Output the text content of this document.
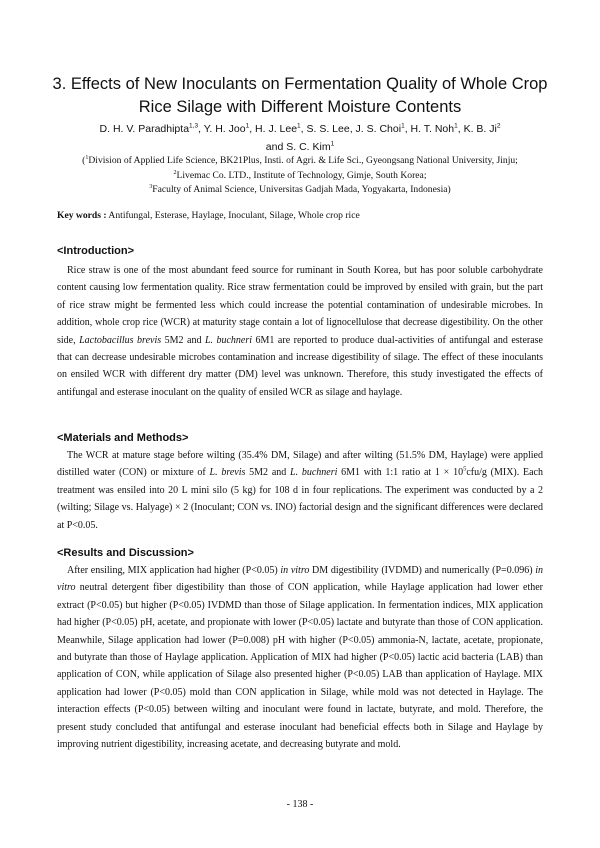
3. Effects of New Inoculants on Fermentation Quality of Whole Crop
Rice Silage with Different Moisture Contents
D. H. V. Paradhipta$^{1,3}$, Y. H. Joo$^1$, H. J. Lee$^1$, S. S. Lee, J. S. Choi$^1$, H. T. Noh$^1$, K. B. Ji$^2$
and S. C. Kim$^1$
($^1$Division of Applied Life Science, BK21Plus, Insti. of Agri. & Life Sci., Gyeongsang National University, Jinju;
$^2$Livemac Co. LTD., Institute of Technology, Gimje, South Korea;
$^3$Faculty of Animal Science, Universitas Gadjah Mada, Yogyakarta, Indonesia)
Key words : Antifungal, Esterase, Haylage, Inoculant, Silage, Whole crop rice
<Introduction>
Rice straw is one of the most abundant feed source for ruminant in South Korea, but has poor soluble carbohydrate content causing low fermentation quality. Rice straw fermentation could be improved by ensiled with grain, but the part of rice straw might be fermented less which could increase the potential contamination of undesirable microbes. In addition, whole crop rice (WCR) at maturity stage contain a lot of lignocellulose that decrease digestibility. On the other side, Lactobacillus brevis 5M2 and L. buchneri 6M1 are reported to produce dual-activities of antifungal and esterase that can decrease undesirable microbes contamination and increase digestibility of silage. The effect of these inoculants on ensiled WCR with different dry matter (DM) level was unknown. Therefore, this study investigated the effects of antifungal and esterase inoculant on the quality of ensiled WCR as silage and haylage.
<Materials and Methods>
The WCR at mature stage before wilting (35.4% DM, Silage) and after wilting (51.5% DM, Haylage) were applied distilled water (CON) or mixture of L. brevis 5M2 and L. buchneri 6M1 with 1:1 ratio at $1 \times 10^5cfu/g$ (MIX). Each treatment was ensiled into 20 L mini silo (5 kg) for 108 d in four replications. The experiment was conducted by a 2 (wilting; Silage vs. Halyage) × 2 (Inoculant; CON vs. INO) factorial design and the significant differences were declared at P<0.05.
<Results and Discussion>
After ensiling, MIX application had higher (P<0.05) in vitro DM digestibility (IVDMD) and numerically (P=0.096) in vitro neutral detergent fiber digestibility than those of CON application, while Haylage application had lower ether extract (P<0.05) but higher (P<0.05) IVDMD than those of Silage application. In fermentation indices, MIX application had higher (P<0.05) pH, acetate, and propionate with lower (P<0.05) lactate and butyrate than those of CON application. Meanwhile, Silage application had lower (P=0.008) pH with higher (P<0.05) ammonia-N, lactate, acetate, propionate, and butyrate than those of Haylage application. Application of MIX had higher (P<0.05) lactic acid bacteria (LAB) than application of CON, while application of Silage also presented higher (P<0.05) LAB than application of Haylage. MIX application had lower (P<0.05) mold than CON application in Silage, while mold was not detected in Haylage. The interaction effects (P<0.05) between wilting and inoculant were found in lactate, butyrate, and mold. Therefore, the present study concluded that antifungal and esterase inoculant had beneficial effects both in Silage and Haylage by improving nutrient digestibility, increasing acetate, and decreasing butyrate and mold.
- 138 -
